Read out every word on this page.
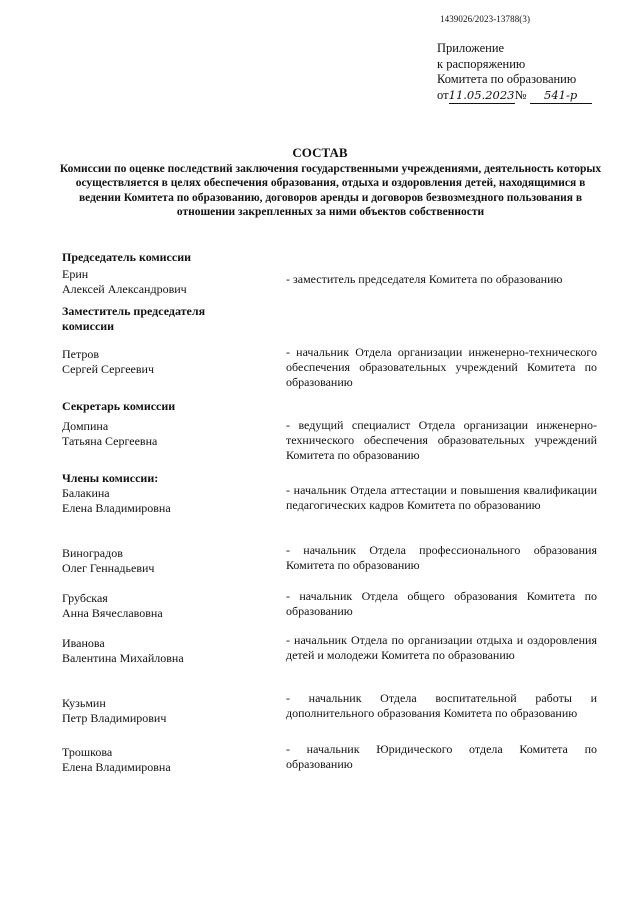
1439026/2023-13788(3)
Приложение
к распоряжению
Комитета по образованию
от11.05.2023№ 541-р
СОСТАВ
Комиссии по оценке последствий заключения государственными учреждениями, деятельность которых осуществляется в целях обеспечения образования, отдыха и оздоровления детей, находящимися в ведении Комитета по образованию, договоров аренды и договоров безвозмездного пользования в отношении закрепленных за ними объектов собственности
Председатель комиссии
Ерин
Алексей Александрович
- заместитель председателя Комитета по образованию
Заместитель председателя комиссии
Петров
Сергей Сергеевич
- начальник Отдела организации инженерно-технического обеспечения образовательных учреждений Комитета по образованию
Секретарь комиссии
Домпина
Татьяна Сергеевна
- ведущий специалист Отдела организации инженерно-технического обеспечения образовательных учреждений Комитета по образованию
Члены комиссии:
Балакина
Елена Владимировна
- начальник Отдела аттестации и повышения квалификации педагогических кадров Комитета по образованию
Виноградов
Олег Геннадьевич
- начальник Отдела профессионального образования Комитета по образованию
Грубская
Анна Вячеславовна
- начальник Отдела общего образования Комитета по образованию
Иванова
Валентина Михайловна
- начальник Отдела по организации отдыха и оздоровления детей и молодежи Комитета по образованию
Кузьмин
Петр Владимирович
- начальник Отдела воспитательной работы и дополнительного образования Комитета по образованию
Трошкова
Елена Владимировна
- начальник Юридического отдела Комитета по образованию
